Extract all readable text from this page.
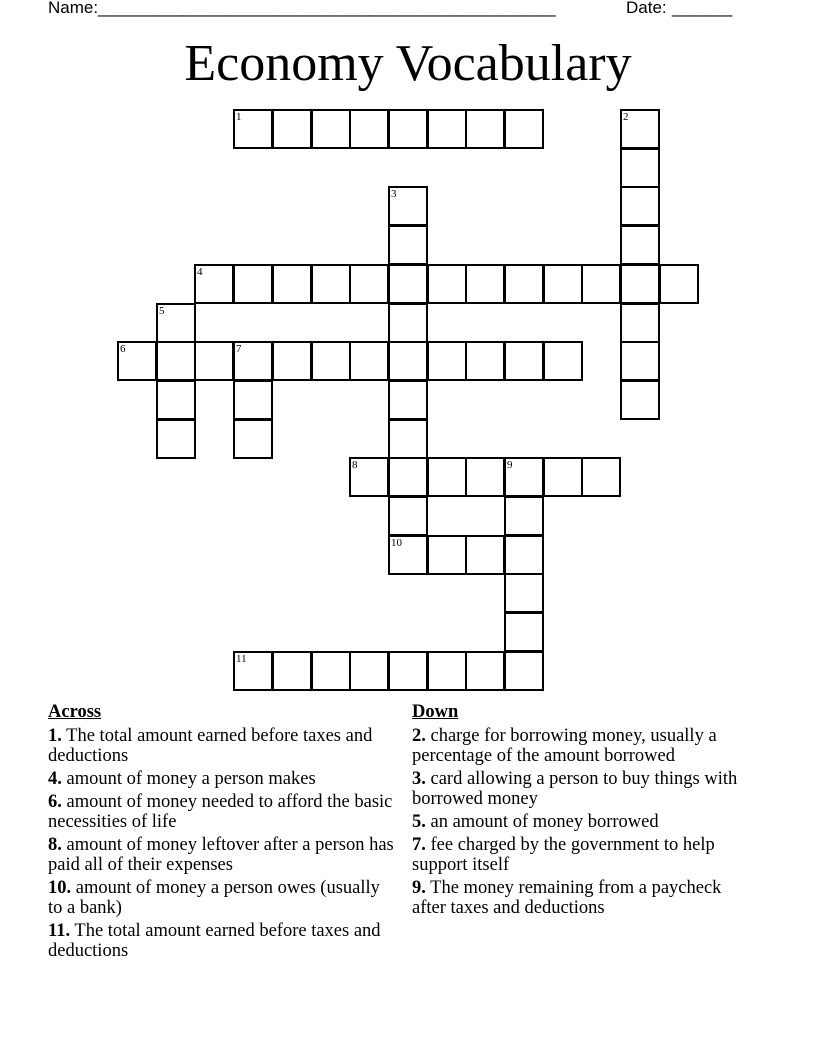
Name: ______________________________________________________	Date: _______
Economy Vocabulary
1	2
3
4
5
6	7
8	9
10
11
Across
1. The total amount earned before taxes and deductions
4. amount of money a person makes
6. amount of money needed to afford the basic necessities of life
8. amount of money leftover after a person has paid all of their expenses
10. amount of money a person owes (usually to a bank)
11. The total amount earned before taxes and deductions
Down
2. charge for borrowing money, usually a percentage of the amount borrowed
3. card allowing a person to buy things with borrowed money
5. an amount of money borrowed
7. fee charged by the government to help support itself
9. The money remaining from a paycheck after taxes and deductions
